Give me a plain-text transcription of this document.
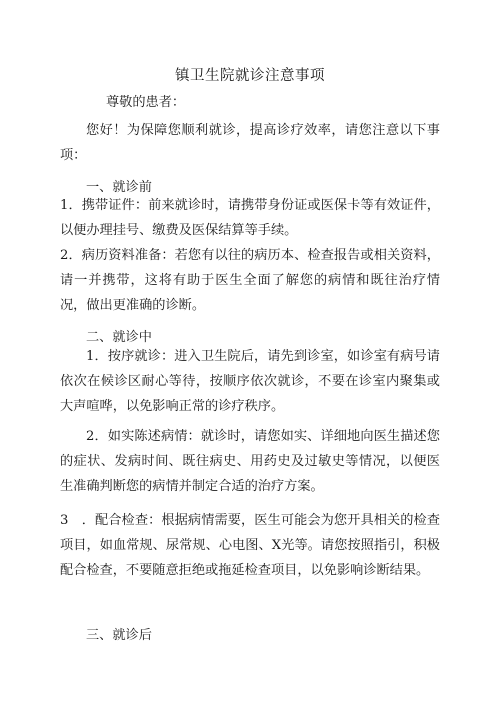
镇卫生院就诊注意事项
尊敬的患者：
您好！为保障您顺利就诊，提高诊疗效率，请您注意以下事项：
一、就诊前
1．携带证件：前来就诊时，请携带身份证或医保卡等有效证件，以便办理挂号、缴费及医保结算等手续。
2．病历资料准备：若您有以往的病历本、检查报告或相关资料，请一并携带，这将有助于医生全面了解您的病情和既往治疗情况，做出更准确的诊断。
二、就诊中
1．按序就诊：进入卫生院后，请先到诊室，如诊室有病号请依次在候诊区耐心等待，按顺序依次就诊，不要在诊室内聚集或大声喧哗，以免影响正常的诊疗秩序。
2．如实陈述病情：就诊时，请您如实、详细地向医生描述您的症状、发病时间、既往病史、用药史及过敏史等情况，以便医生准确判断您的病情并制定合适的治疗方案。
3　．配合检查：根据病情需要，医生可能会为您开具相关的检查项目，如血常规、尿常规、心电图、X光等。请您按照指引，积极配合检查，不要随意拒绝或拖延检查项目，以免影响诊断结果。
三、就诊后
